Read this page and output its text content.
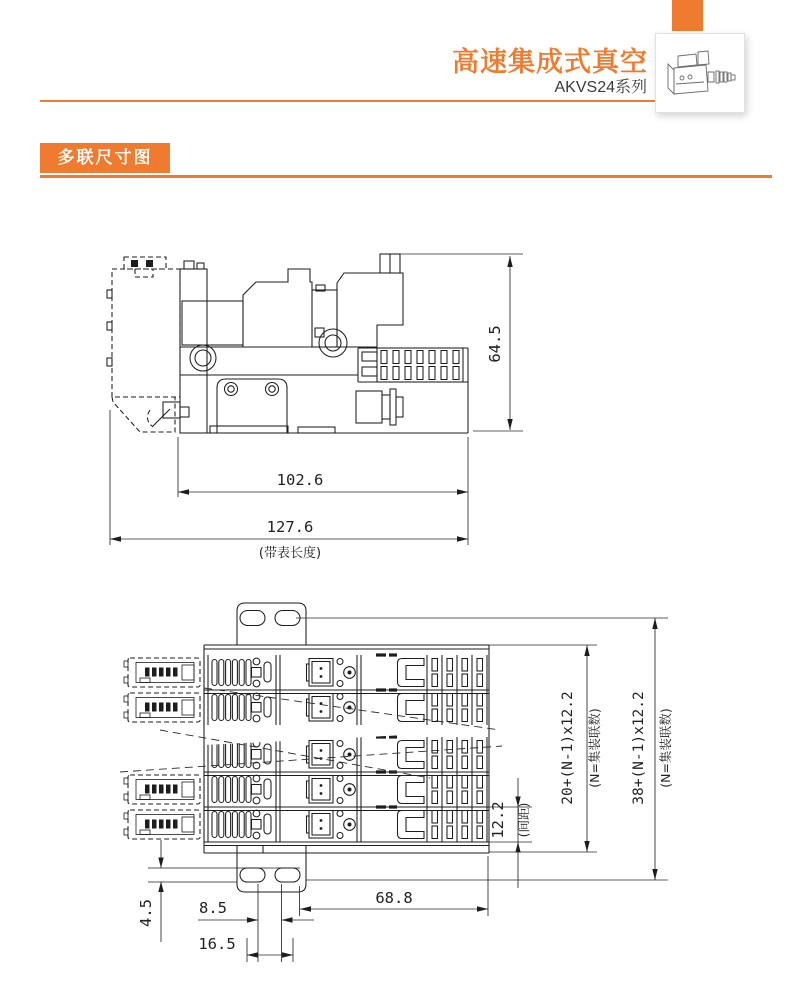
高速集成式真空
AKVS24系列
多联尺寸图
64.5
102.6
127.6
(带表长度)
12.2 (间距)
20+(N-1)x12.2 (N=集装联数) 38+(N-1)x12.2 (N=集装联数)
68.8
8.5
16.5
4.5
